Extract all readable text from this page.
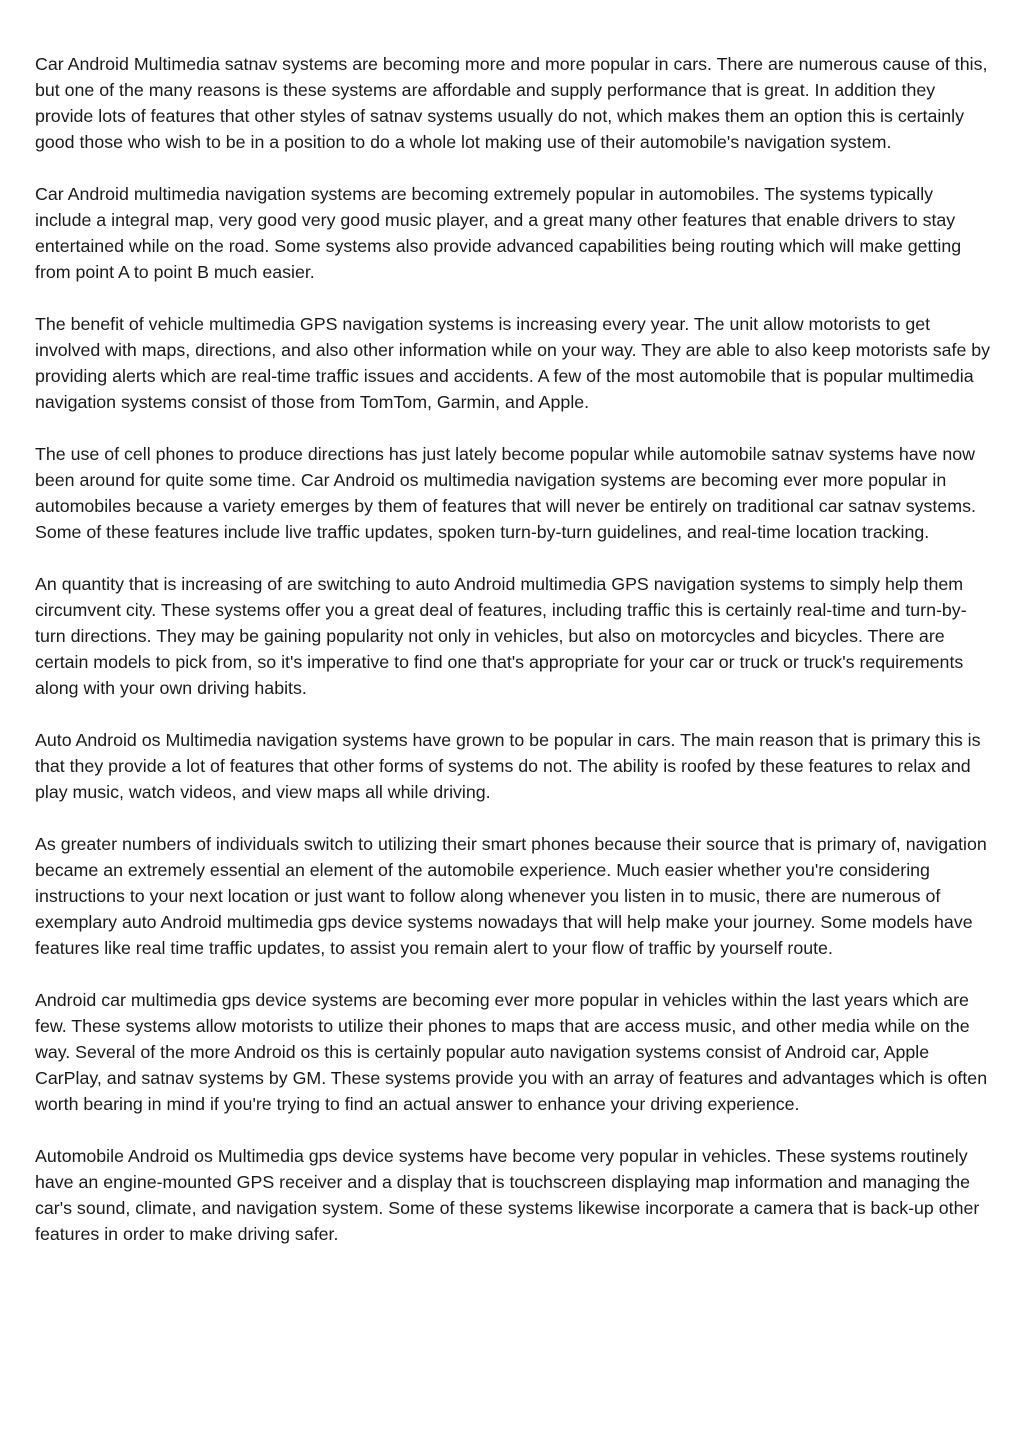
Car Android Multimedia satnav systems are becoming more and more popular in cars. There are numerous cause of this, but one of the many reasons is these systems are affordable and supply performance that is great. In addition they provide lots of features that other styles of satnav systems usually do not, which makes them an option this is certainly good those who wish to be in a position to do a whole lot making use of their automobile's navigation system.

Car Android multimedia navigation systems are becoming extremely popular in automobiles. The systems typically include a integral map, very good very good music player, and a great many other features that enable drivers to stay entertained while on the road. Some systems also provide advanced capabilities being routing which will make getting from point A to point B much easier.

The benefit of vehicle multimedia GPS navigation systems is increasing every year. The unit allow motorists to get involved with maps, directions, and also other information while on your way. They are able to also keep motorists safe by providing alerts which are real-time traffic issues and accidents. A few of the most automobile that is popular multimedia navigation systems consist of those from TomTom, Garmin, and Apple.

The use of cell phones to produce directions has just lately become popular while automobile satnav systems have now been around for quite some time. Car Android os multimedia navigation systems are becoming ever more popular in automobiles because a variety emerges by them of features that will never be entirely on traditional car satnav systems. Some of these features include live traffic updates, spoken turn-by-turn guidelines, and real-time location tracking.

An quantity that is increasing of are switching to auto Android multimedia GPS navigation systems to simply help them circumvent city. These systems offer you a great deal of features, including traffic this is certainly real-time and turn-by-turn directions. They may be gaining popularity not only in vehicles, but also on motorcycles and bicycles. There are certain models to pick from, so it's imperative to find one that's appropriate for your car or truck or truck's requirements along with your own driving habits.

Auto Android os Multimedia navigation systems have grown to be popular in cars. The main reason that is primary this is that they provide a lot of features that other forms of systems do not. The ability is roofed by these features to relax and play music, watch videos, and view maps all while driving.

As greater numbers of individuals switch to utilizing their smart phones because their source that is primary of, navigation became an extremely essential an element of the automobile experience. Much easier whether you're considering instructions to your next location or just want to follow along whenever you listen in to music, there are numerous of exemplary auto Android multimedia gps device systems nowadays that will help make your journey. Some models have features like real time traffic updates, to assist you remain alert to your flow of traffic by yourself route.

Android car multimedia gps device systems are becoming ever more popular in vehicles within the last years which are few. These systems allow motorists to utilize their phones to maps that are access music, and other media while on the way. Several of the more Android os this is certainly popular auto navigation systems consist of Android car, Apple CarPlay, and satnav systems by GM. These systems provide you with an array of features and advantages which is often worth bearing in mind if you're trying to find an actual answer to enhance your driving experience.

Automobile Android os Multimedia gps device systems have become very popular in vehicles. These systems routinely have an engine-mounted GPS receiver and a display that is touchscreen displaying map information and managing the car's sound, climate, and navigation system. Some of these systems likewise incorporate a camera that is back-up other features in order to make driving safer.
